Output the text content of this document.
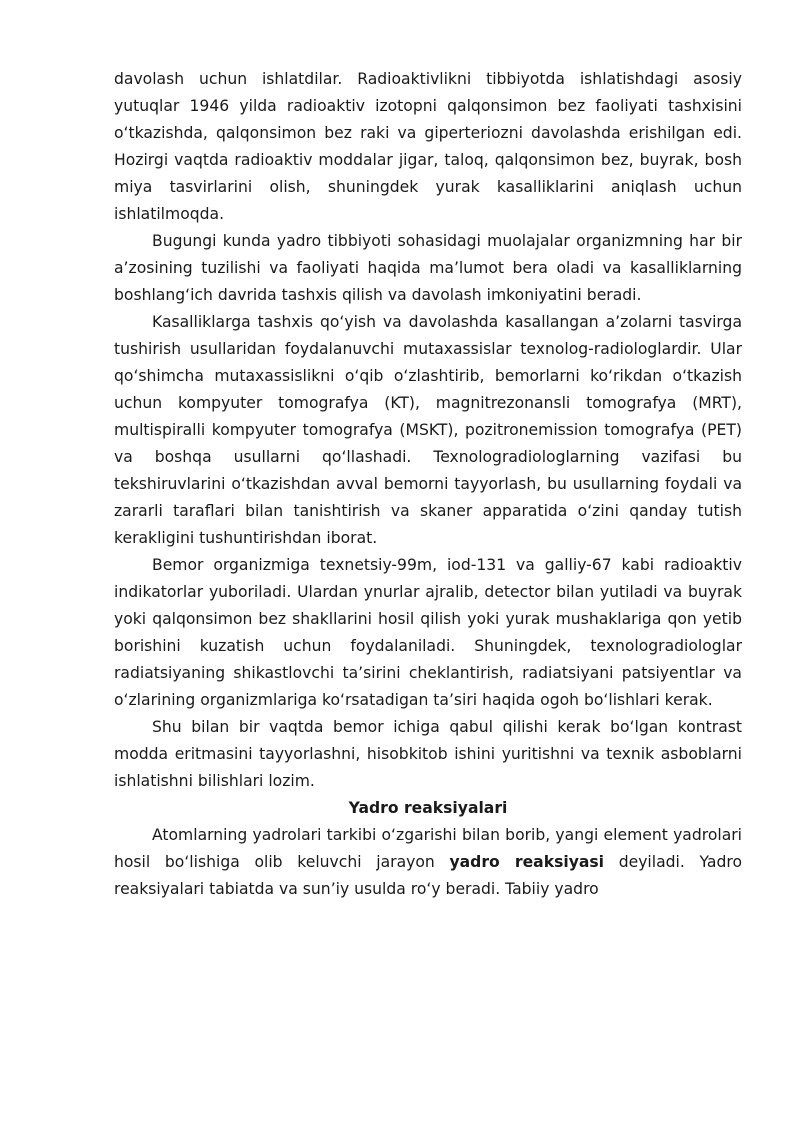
davolash uchun ishlatdilar. Radioaktivlikni tibbiyotda ishlatishdagi asosiy yutuqlar 1946 yilda radioaktiv izotopni qalqonsimon bez faoliyati tashxisini o‘tkazishda, qalqonsimon bez raki va giperteriozni davolashda erishilgan edi. Hozirgi vaqtda radioaktiv moddalar jigar, taloq, qalqonsimon bez, buyrak, bosh miya tasvirlarini olish, shuningdek yurak kasalliklarini aniqlash uchun ishlatilmoqda.

Bugungi kunda yadro tibbiyoti sohasidagi muolajalar organizmning har bir a’zosining tuzilishi va faoliyati haqida ma’lumot bera oladi va kasalliklarning boshlang‘ich davrida tashxis qilish va davolash imkoniyatini beradi.

Kasalliklarga tashxis qo‘yish va davolashda kasallangan a’zolarni tasvirga tushirish usullaridan foydalanuvchi mutaxassislar texnolog-radiologlardir. Ular qo‘shimcha mutaxassislikni o‘qib o‘zlashtirib, bemorlarni ko‘rikdan o‘tkazish uchun kompyuter tomografya (KT), magnitrezonansli tomografya (MRT), multispiralli kompyuter tomografya (MSKT), pozitronemission tomografya (PET) va boshqa usullarni qo‘llashadi. Texnologradiologlarning vazifasi bu tekshiruvlarini o‘tkazishdan avval bemorni tayyorlash, bu usullarning foydali va zararli taraflari bilan tanishtirish va skaner apparatida o‘zini qanday tutish kerakligini tushuntirishdan iborat.

Bemor organizmiga texnetsiy-99m, iod-131 va galliy-67 kabi radioaktiv indikatorlar yuboriladi. Ulardan ynurlar ajralib, detector bilan yutiladi va buyrak yoki qalqonsimon bez shakllarini hosil qilish yoki yurak mushaklariga qon yetib borishini kuzatish uchun foydalaniladi. Shuningdek, texnologradiologlar radiatsiyaning shikastlovchi ta’sirini cheklantirish, radiatsiyani patsiyentlar va o‘zlarining organizmlariga ko‘rsatadigan ta’siri haqida ogoh bo‘lishlari kerak.

Shu bilan bir vaqtda bemor ichiga qabul qilishi kerak bo‘lgan kontrast modda eritmasini tayyorlashni, hisobkitob ishini yuritishni va texnik asboblarni ishlatishni bilishlari lozim.

Yadro reaksiyalari

Atomlarning yadrolari tarkibi o‘zgarishi bilan borib, yangi element yadrolari hosil bo‘lishiga olib keluvchi jarayon yadro reaksiyasi deyiladi. Yadro reaksiyalari tabiatda va sun’iy usulda ro‘y beradi. Tabiiy yadro
